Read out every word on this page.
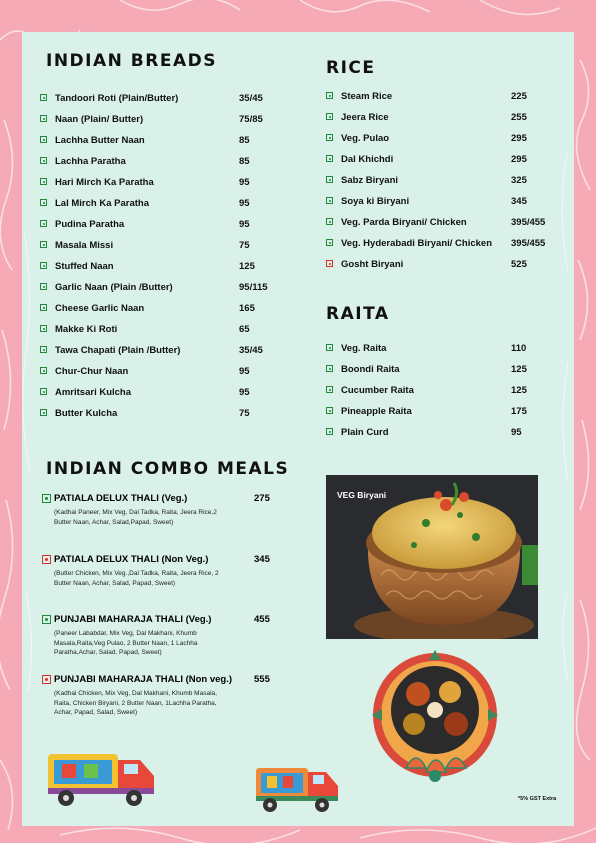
INDIAN BREADS
Tandoori Roti (Plain/Butter)	35/45
Naan (Plain/ Butter)	75/85
Lachha Butter Naan	85
Lachha Paratha	85
Hari Mirch Ka Paratha	95
Lal Mirch Ka Paratha	95
Pudina Paratha	95
Masala Missi	75
Stuffed Naan	125
Garlic Naan (Plain /Butter)	95/115
Cheese Garlic Naan	165
Makke Ki Roti	65
Tawa Chapati (Plain /Butter)	35/45
Chur-Chur Naan	95
Amritsari Kulcha	95
Butter Kulcha	75
RICE
Steam Rice	225
Jeera Rice	255
Veg. Pulao	295
Dal Khichdi	295
Sabz Biryani	325
Soya ki Biryani	345
Veg. Parda Biryani/ Chicken	395/455
Veg. Hyderabadi Biryani/ Chicken 395/455
Gosht Biryani	525
RAITA
Veg. Raita	110
Boondi Raita	125
Cucumber Raita	125
Pineapple Raita	175
Plain Curd	95
INDIAN COMBO MEALS
PATIALA DELUX THALI (Veg.)	275
(Kadhai Paneer, Mix Veg, Dal Tadka, Raita, Jeera Rice,2 Butter Naan, Achar, Salad,Papad, Sweet)
PATIALA DELUX THALI (Non Veg.)	345
(Butter Chicken, Mix Veg.,Dal Tadka, Raita, Jeera Rice, 2 Butter Naan, Achar, Salad, Papad, Sweet)
PUNJABI MAHARAJA THALI (Veg.)	455
(Paneer Lababdar, Mix Veg, Dal Makhani, Khumb Masala,Raita,Veg Pulao, 2 Butter Naan, 1 Lachha Paratha,Achar, Salad, Papad, Sweet)
PUNJABI MAHARAJA THALI (Non veg.) 555
(Kadhai Chicken, Mix Veg, Dal Makhani, Khumb Masala, Raita, Chicken Biryani, 2 Butter Naan, 1Lachha Paratha, Achar, Papad, Salad, Sweet)
VEG Biryani
*5% GST Extra
